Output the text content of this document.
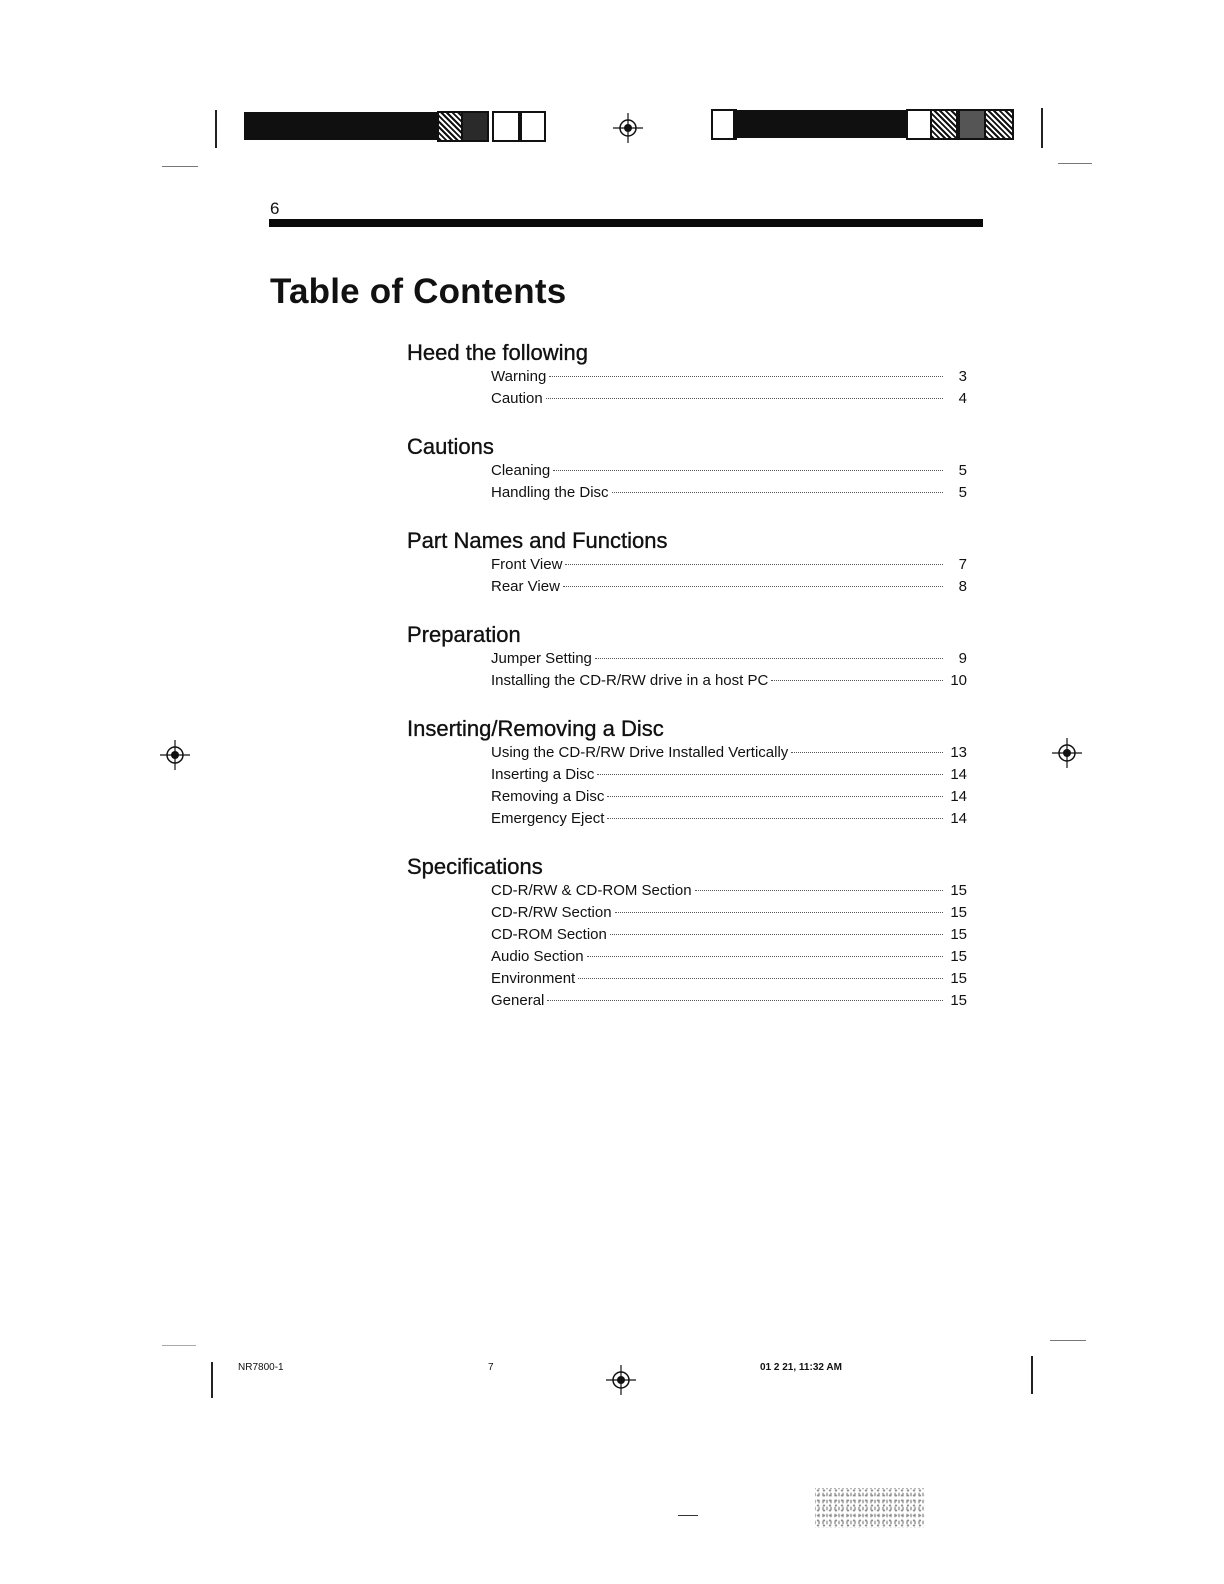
6
Table of Contents
Heed the following
Warning	3
Caution	4
Cautions
Cleaning	5
Handling the Disc	5
Part Names and Functions
Front View	7
Rear View	8
Preparation
Jumper Setting	9
Installing the CD-R/RW drive in a host PC	10
Inserting/Removing a Disc
Using the CD-R/RW Drive Installed Vertically	13
Inserting a Disc	14
Removing a Disc	14
Emergency Eject	14
Specifications
CD-R/RW & CD-ROM Section	15
CD-R/RW Section	15
CD-ROM Section	15
Audio Section	15
Environment	15
General	15
NR7800-1	7	01 2 21, 11:32 AM
